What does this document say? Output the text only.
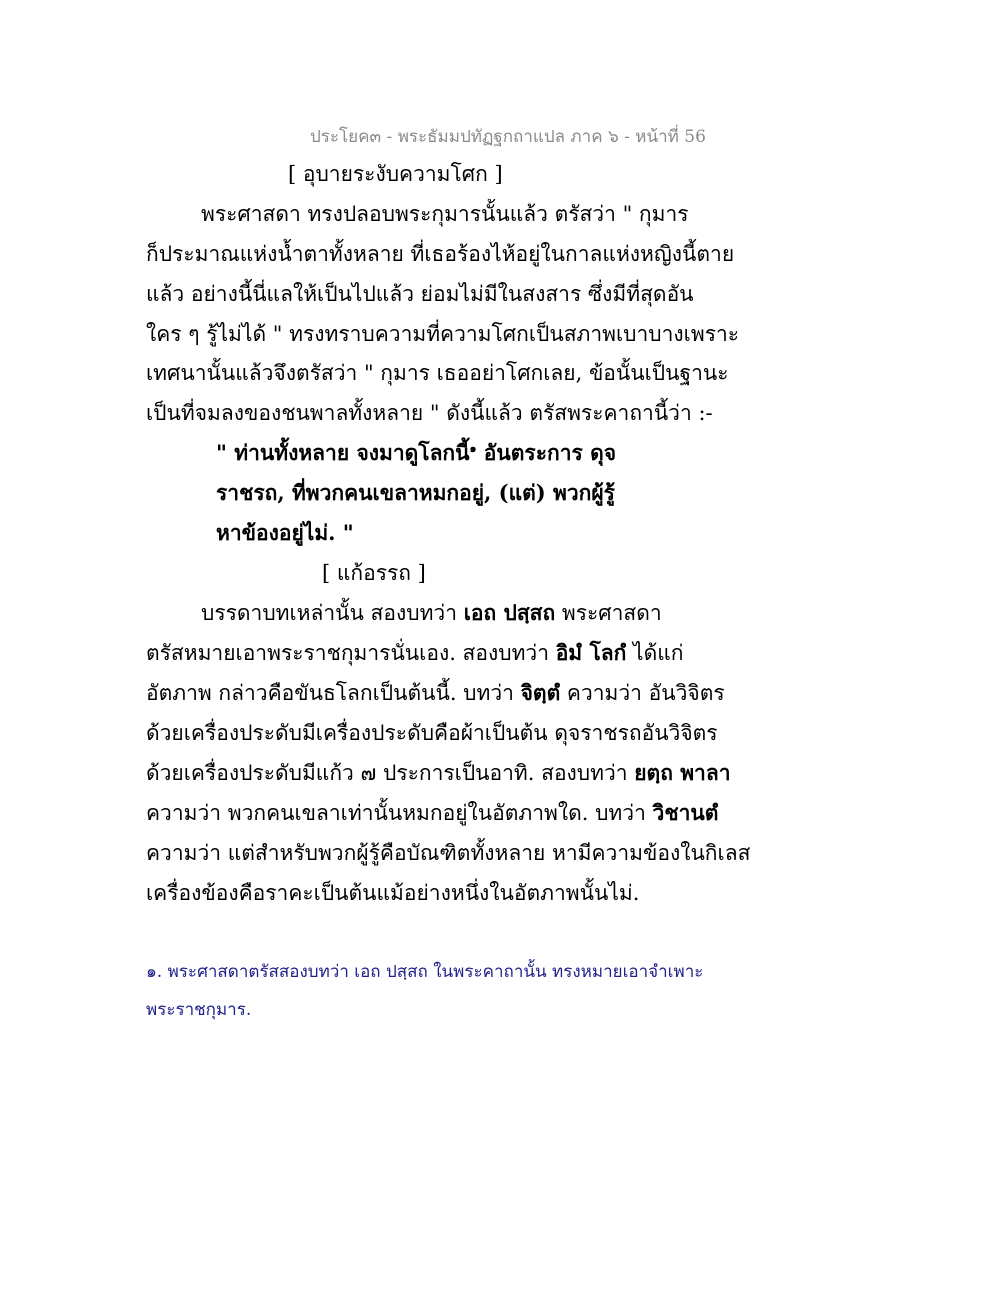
ประโยค๓ - พระธัมมปทัฏฐกถาแปล ภาค ๖ - หน้าที่ 56
[ อุบายระงับความโศก ]
พระศาสดา ทรงปลอบพระกุมารนั้นแล้ว ตรัสว่า " กุมาร
ก็ประมาณแห่งน้ำตาทั้งหลาย ที่เธอร้องไห้อยู่ในกาลแห่งหญิงนี้ตาย
แล้ว อย่างนี้นี่แลให้เป็นไปแล้ว ย่อมไม่มีในสงสาร ซึ่งมีที่สุดอัน
ใคร ๆ รู้ไม่ได้ " ทรงทราบความที่ความโศกเป็นสภาพเบาบางเพราะ
เทศนานั้นแล้วจึงตรัสว่า " กุมาร เธออย่าโศกเลย, ข้อนั้นเป็นฐานะ
เป็นที่จมลงของชนพาลทั้งหลาย " ดังนี้แล้ว ตรัสพระคาถานี้ว่า :-
" ท่านทั้งหลาย จงมาดูโลกนี้$^๑$ อันตระการ ดุจ
ราชรถ, ที่พวกคนเขลาหมกอยู่, (แต่) พวกผู้รู้
หาข้องอยู่ไม่. "
[ แก้อรรถ ]
บรรดาบทเหล่านั้น สองบทว่า เอถ ปสฺสถ พระศาสดา
ตรัสหมายเอาพระราชกุมารนั่นเอง. สองบทว่า อิมํ โลกํ ได้แก่
อัตภาพ กล่าวคือขันธโลกเป็นต้นนี้. บทว่า จิตฺตํ ความว่า อันวิจิตร
ด้วยเครื่องประดับมีเครื่องประดับคือผ้าเป็นต้น ดุจราชรถอันวิจิตร
ด้วยเครื่องประดับมีแก้ว ๗ ประการเป็นอาทิ. สองบทว่า ยตฺถ พาลา
ความว่า พวกคนเขลาเท่านั้นหมกอยู่ในอัตภาพใด. บทว่า วิชานตํ
ความว่า แต่สำหรับพวกผู้รู้คือบัณฑิตทั้งหลาย หามีความข้องในกิเลส
เครื่องข้องคือราคะเป็นต้นแม้อย่างหนึ่งในอัตภาพนั้นไม่.
๑. พระศาสดาตรัสสองบทว่า เอถ ปสฺสถ ในพระคาถานั้น ทรงหมายเอาจำเพาะ
พระราชกุมาร.
